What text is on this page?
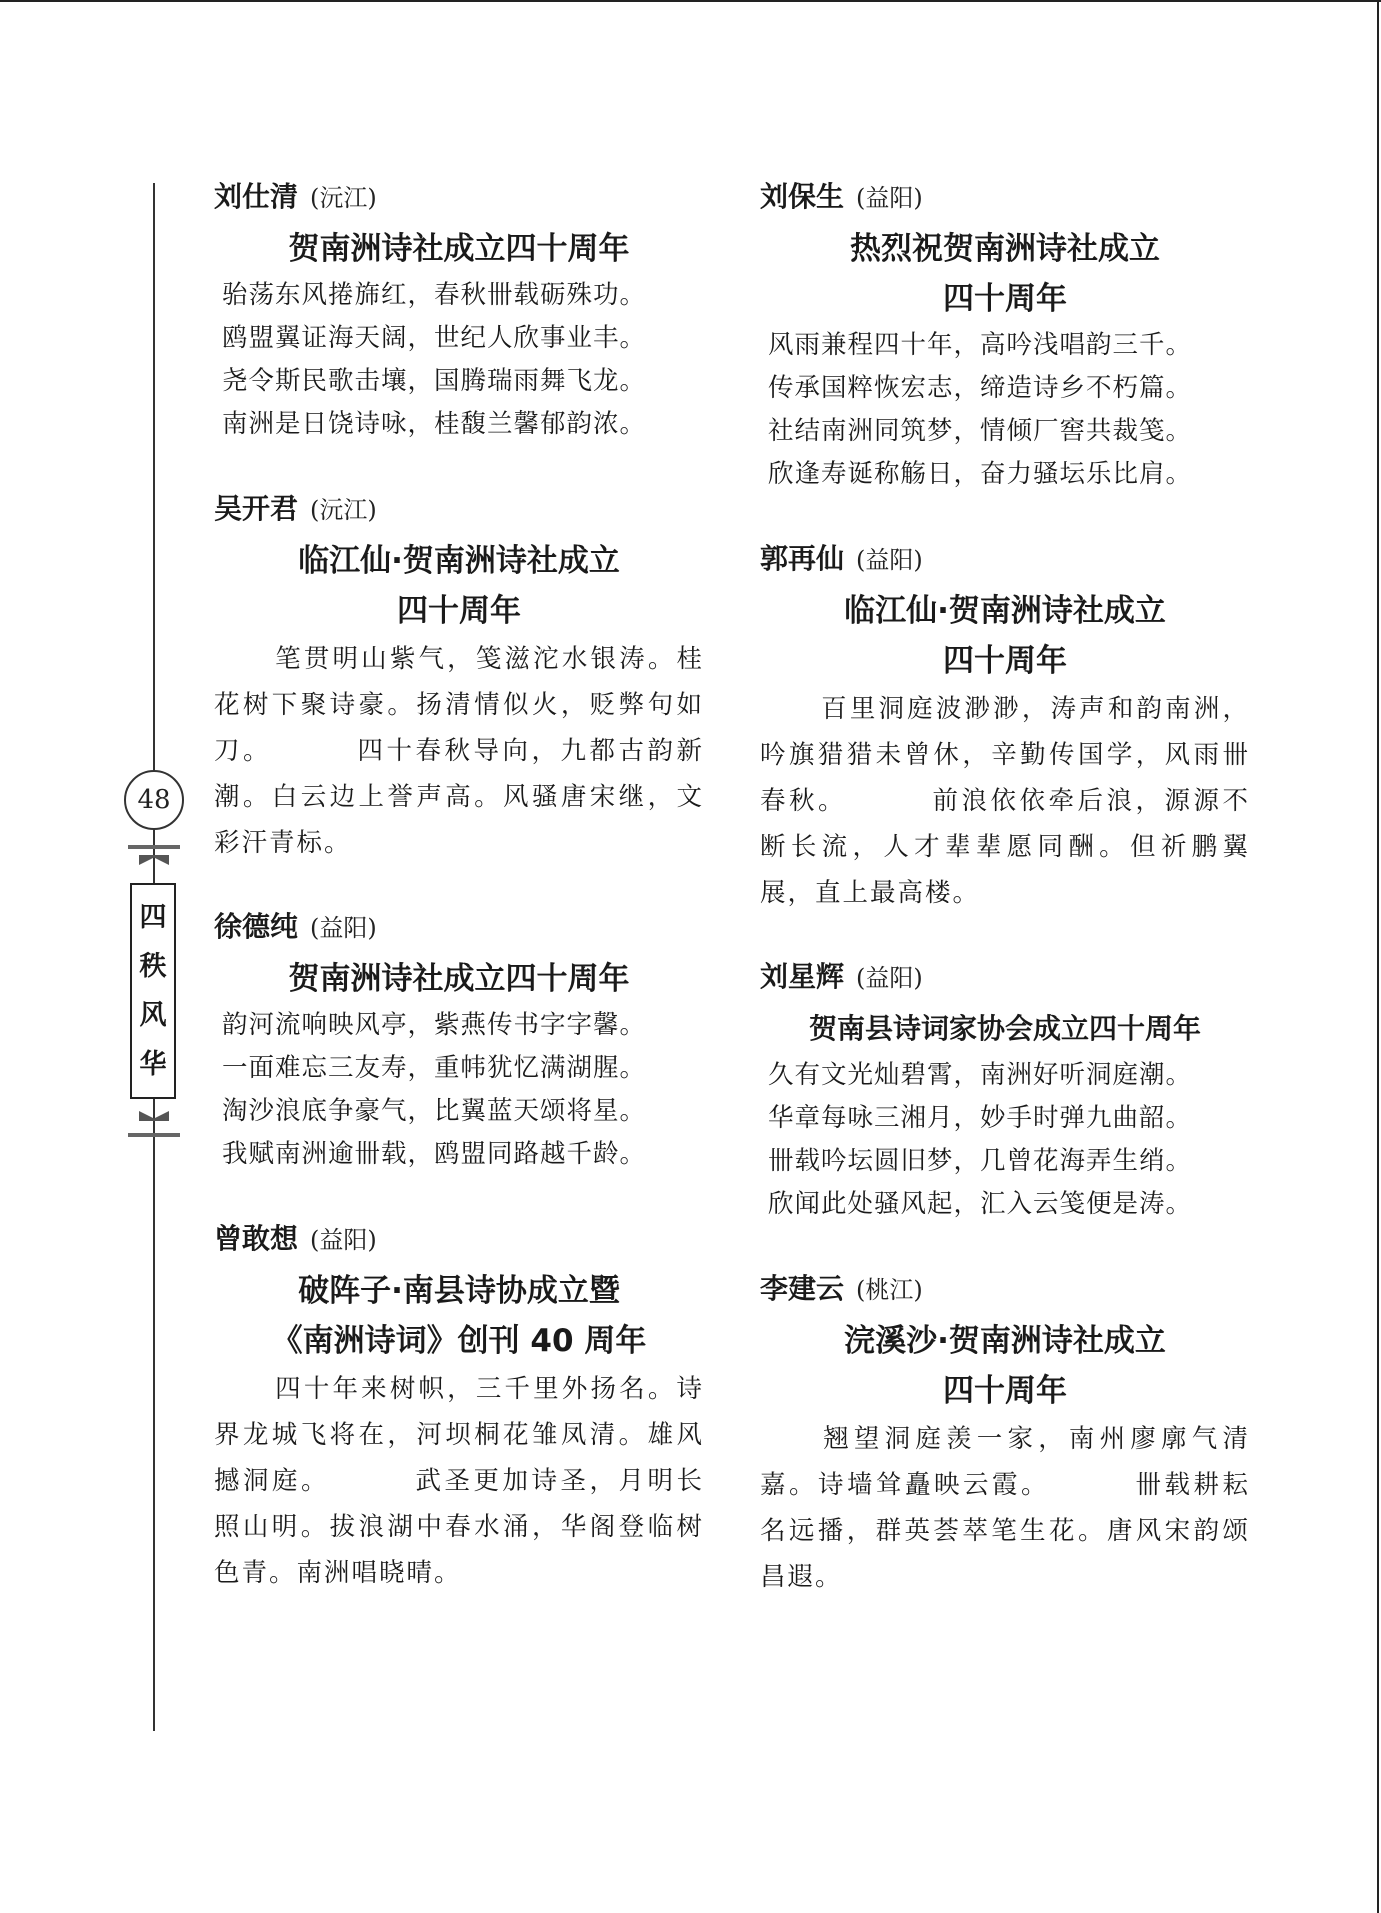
48
四
秩
风
华
刘仕清 (沅江)
贺南洲诗社成立四十周年
骀荡东风捲旆红，春秋卌载砺殊功。
鸥盟翼证海天阔，世纪人欣事业丰。
尧令斯民歌击壤，国腾瑞雨舞飞龙。
南洲是日饶诗咏，桂馥兰馨郁韵浓。
吴开君 (沅江)
临江仙·贺南洲诗社成立
四十周年
笔贯明山紫气，笺滋沱水银涛。桂花树下聚诗豪。扬清情似火，贬弊句如刀。	四十春秋导向，九都古韵新潮。白云边上誉声高。风骚唐宋继，文彩汗青标。
徐德纯 (益阳)
贺南洲诗社成立四十周年
韵河流响映风亭，紫燕传书字字馨。
一面难忘三友寿，重帏犹忆满湖腥。
淘沙浪底争豪气，比翼蓝天颂将星。
我赋南洲逾卌载，鸥盟同路越千龄。
曾敢想 (益阳)
破阵子·南县诗协成立暨
《南洲诗词》创刊 40 周年
四十年来树帜，三千里外扬名。诗界龙城飞将在，河坝桐花雏凤清。雄风撼洞庭。	武圣更加诗圣，月明长照山明。拔浪湖中春水涌，华阁登临树色青。南洲唱晓晴。
刘保生 (益阳)
热烈祝贺南洲诗社成立
四十周年
风雨兼程四十年，高吟浅唱韵三千。
传承国粹恢宏志，缔造诗乡不朽篇。
社结南洲同筑梦，情倾厂窖共裁笺。
欣逢寿诞称觞日，奋力骚坛乐比肩。
郭再仙 (益阳)
临江仙·贺南洲诗社成立
四十周年
百里洞庭波渺渺，涛声和韵南洲，吟旗猎猎未曾休，辛勤传国学，风雨卌春秋。	前浪依依牵后浪，源源不断长流，人才辈辈愿同酬。但祈鹏翼展，直上最高楼。
刘星辉 (益阳)
贺南县诗词家协会成立四十周年
久有文光灿碧霄，南洲好听洞庭潮。
华章每咏三湘月，妙手时弹九曲韶。
卌载吟坛圆旧梦，几曾花海弄生绡。
欣闻此处骚风起，汇入云笺便是涛。
李建云 (桃江)
浣溪沙·贺南洲诗社成立
四十周年
翘望洞庭羡一家，南州廖廓气清嘉。诗墙耸矗映云霞。	卌载耕耘名远播，群英荟萃笔生花。唐风宋韵颂昌遐。
